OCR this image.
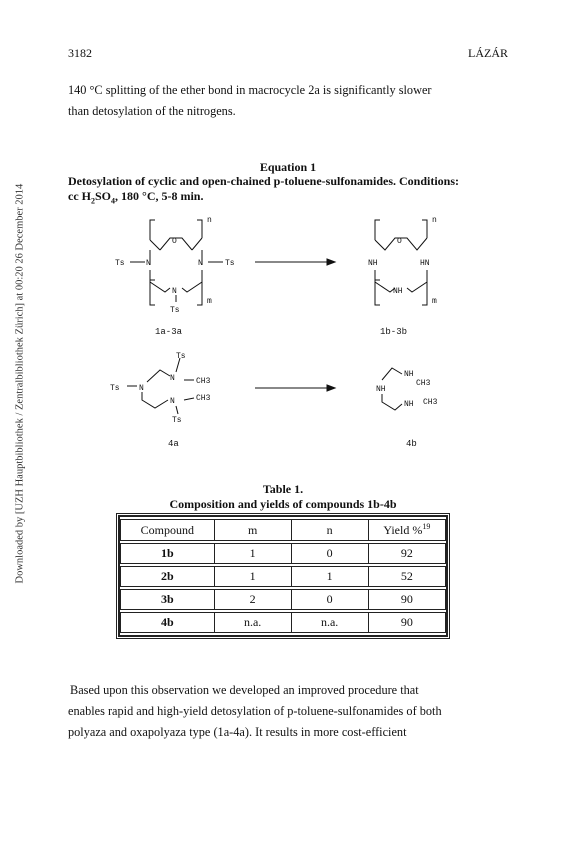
Downloaded by [UZH Hauptbibliothek / Zentralbibliothek Zürich] at 00:20 26 December 2014
3182	LÁZÁR
140 °C splitting of the ether bond in macrocycle 2a is significantly slower
than detosylation of the nitrogens.
Equation 1
Detosylation of cyclic and open-chained p-toluene-sulfonamides. Conditions:
cc $H_2SO_4$, 180 °C, 5-8 min.
O
n
m
Ts	N	N	Ts
N
Ts
O
n
m
NH	HN
NH
1a-3a	1b-3b
Ts
N	CH3
Ts N
N	CH3
Ts
NH
CH3
NH
NH CH3
4a	4b
Table 1.
Composition and yields of compounds 1b-4b
Compound	m	n	Yield %$^{19}$
1b	1	0	92
2b	1	1	52
3b	2	0	90
4b	n.a.	n.a.	90
Based upon this observation we developed an improved procedure that
enables rapid and high-yield detosylation of p-toluene-sulfonamides of both
polyaza and oxapolyaza type (1a-4a). It results in more cost-efficient
